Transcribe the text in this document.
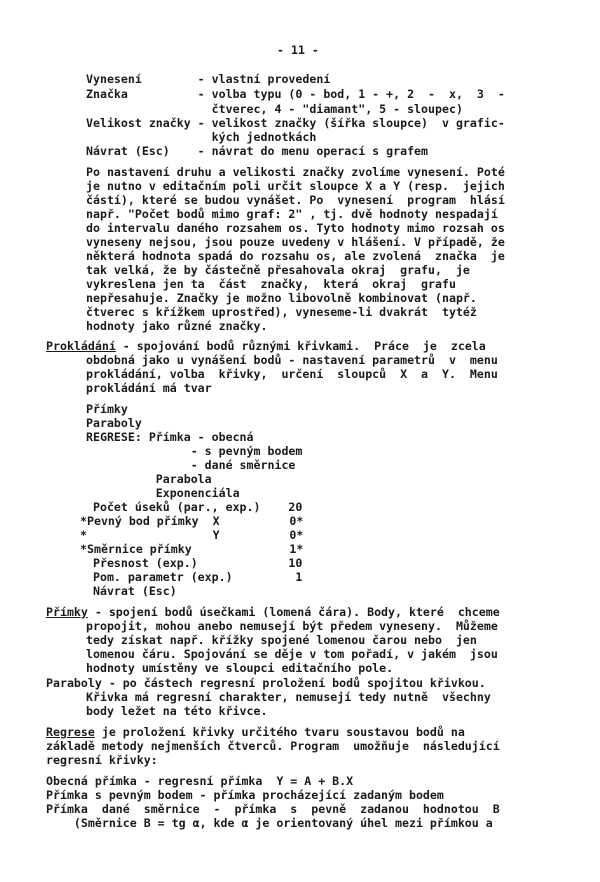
- 11 -
Vynesení        - vlastní provedení
Značka          - volba typu (0 - bod, 1 - +, 2  -  x,  3  -
čtverec, 4 - "diamant", 5 - sloupec)
Velikost značky - velikost značky (šířka sloupce)  v grafic-
kých jednotkách
Návrat (Esc)    - návrat do menu operací s grafem
Po nastavení druhu a velikosti značky zvolíme vynesení. Poté
je nutno v editačním poli určit sloupce X a Y (resp.  jejich
částí), které se budou vynášet. Po  vynesení  program  hlásí
např. "Počet bodů mimo graf: 2" , tj. dvě hodnoty nespadají
do intervalu daného rozsahem os. Tyto hodnoty mimo rozsah os
vyneseny nejsou, jsou pouze uvedeny v hlášení. V případě, že
některá hodnota spadá do rozsahu os, ale zvolená  značka  je
tak velká, že by částečně přesahovala okraj  grafu,  je
vykreslena jen ta  část  značky,  která  okraj  grafu
nepřesahuje. Značky je možno libovolně kombinovat (např.
čtverec s křížkem uprostřed), vyneseme-li dvakrát  tytéž
hodnoty jako různé značky.
Prokládání - spojování bodů různými křivkami.  Práce  je  zcela
obdobná jako u vynášení bodů - nastavení parametrů  v  menu
prokládání, volba  křivky,  určení  sloupců  X  a  Y.  Menu
prokládání má tvar
Přímky
Paraboly
REGRESE: Přímka - obecná
- s pevným bodem
- dané směrnice
Parabola
Exponenciála
Počet úseků (par., exp.)    20
*Pevný bod přímky  X          0*
*                  Y          0*
*Směrnice přímky              1*
Přesnost (exp.)             10
Pom. parametr (exp.)         1
Návrat (Esc)
Přímky - spojení bodů úsečkami (lomená čára). Body, které  chceme
propojit, mohou anebo nemusejí být předem vyneseny.  Můžeme
tedy získat např. křížky spojené lomenou čarou nebo  jen
lomenou čáru. Spojování se děje v tom pořadí, v jakém  jsou
hodnoty umístěny ve sloupci editačního pole.
Paraboly - po částech regresní proložení bodů spojitou křivkou.
Křivka má regresní charakter, nemusejí tedy nutně  všechny
body ležet na této křivce.
Regrese je proložení křivky určitého tvaru soustavou bodů na
základě metody nejmenších čtverců. Program  umožňuje  následující
regresní křivky:
Obecná přímka - regresní přímka  Y = A + B.X
Přímka s pevným bodem - přímka procházející zadaným bodem
Přímka  dané  směrnice  -  přímka  s  pevně  zadanou  hodnotou  B
(Směrnice B = tg α, kde α je orientovaný úhel mezi přímkou a
